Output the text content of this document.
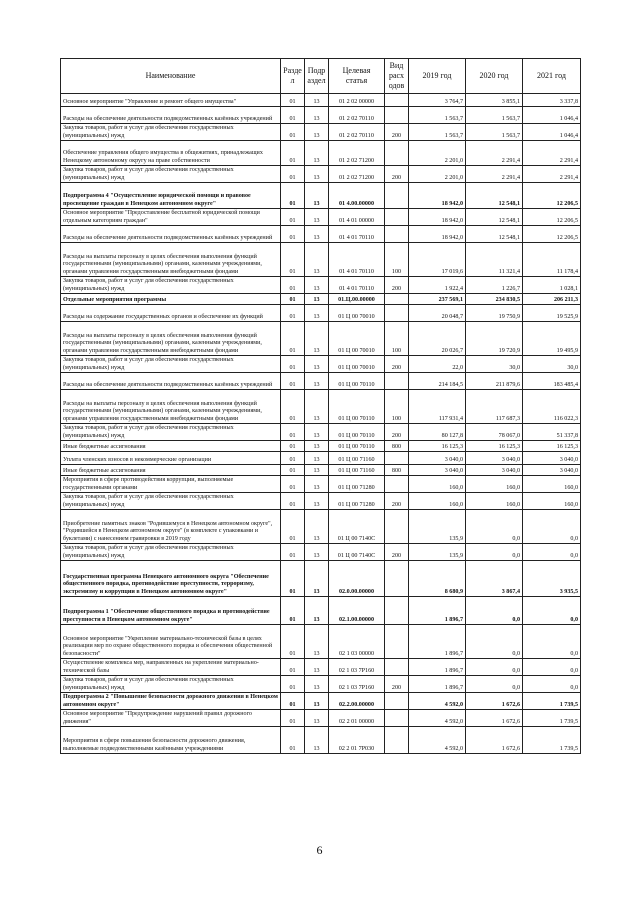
Наименование	Разде л	Подр аздел	Целевая статья	Вид расх одов	2019 год	2020 год	2021 год
Основное мероприятие "Управление и ремонт общего имущества"	01	13	01 2 02 00000		3 764,7	3 855,1	3 337,8
Расходы на обеспечение деятельности подведомственных казённых учреждений	01	13	01 2 02 70110		1 563,7	1 563,7	1 046,4
Закупка товаров, работ и услуг для обеспечения государственных (муниципальных) нужд	01	13	01 2 02 70110	200	1 563,7	1 563,7	1 046,4
Обеспечение управления общего имущества в общежитиях, принадлежащих Ненецкому автономному округу на праве собственности	01	13	01 2 02 71200		2 201,0	2 291,4	2 291,4
Закупка товаров, работ и услуг для обеспечения государственных (муниципальных) нужд	01	13	01 2 02 71200	200	2 201,0	2 291,4	2 291,4
Подпрограмма 4 "Осуществление юридической помощи и правовое просвещение граждан в Ненецком автономном округе"	01	13	01 4.00.00000		18 942,0	12 548,1	12 206,5
Основное мероприятие "Предоставление бесплатной юридической помощи отдельным категориям граждан"	01	13	01 4 01 00000		18 942,0	12 548,1	12 206,5
Расходы на обеспечение деятельности подведомственных казённых учреждений	01	13	01 4 01 70110		18 942,0	12 548,1	12 206,5
Расходы на выплаты персоналу в целях обеспечения выполнения функций государственными (муниципальными) органами, казенными учреждениями, органами управления государственными внебюджетными фондами	01	13	01 4 01 70110	100	17 019,6	11 321,4	11 178,4
Закупка товаров, работ и услуг для обеспечения государственных (муниципальных) нужд	01	13	01 4 01 70110	200	1 922,4	1 226,7	1 028,1
Отдельные мероприятия программы	01	13	01.Ц.00.00000		237 569,1	234 830,5	206 211,3
Расходы на содержание государственных органов и обеспечение их функций	01	13	01 Ц 00 70010		20 048,7	19 750,9	19 525,9
Расходы на выплаты персоналу в целях обеспечения выполнения функций государственными (муниципальными) органами, казенными учреждениями, органами управления государственными внебюджетными фондами	01	13	01 Ц 00 70010	100	20 026,7	19 720,9	19 495,9
Закупка товаров, работ и услуг для обеспечения государственных (муниципальных) нужд	01	13	01 Ц 00 70010	200	22,0	30,0	30,0
Расходы на обеспечение деятельности подведомственных казённых учреждений	01	13	01 Ц 00 70110		214 184,5	211 879,6	183 485,4
Расходы на выплаты персоналу в целях обеспечения выполнения функций государственными (муниципальными) органами, казенными учреждениями, органами управления государственными внебюджетными фондами	01	13	01 Ц 00 70110	100	117 931,4	117 687,3	116 022,3
Закупка товаров, работ и услуг для обеспечения государственных (муниципальных) нужд	01	13	01 Ц 00 70110	200	80 127,8	78 067,0	51 337,8
Иные бюджетные ассигнования	01	13	01 Ц 00 70110	800	16 125,3	16 125,3	16 125,3
Уплата членских взносов в некоммерческие организации	01	13	01 Ц 00 71160		3 040,0	3 040,0	3 040,0
Иные бюджетные ассигнования	01	13	01 Ц 00 71160	800	3 040,0	3 040,0	3 040,0
Мероприятия в сфере противодействия коррупции, выполняемые государственными органами	01	13	01 Ц 00 71280		160,0	160,0	160,0
Закупка товаров, работ и услуг для обеспечения государственных (муниципальных) нужд	01	13	01 Ц 00 71280	200	160,0	160,0	160,0
Приобретение памятных знаков "Родившемуся в Ненецком автономном округе", "Родившейся в Ненецком автономном округе" (в комплекте с упаковками и буклетами) с нанесением гравировки в 2019 году	01	13	01 Ц 00 7140С		135,9	0,0	0,0
Закупка товаров, работ и услуг для обеспечения государственных (муниципальных) нужд	01	13	01 Ц 00 7140С	200	135,9	0,0	0,0
Государственная программа Ненецкого автономного округа "Обеспечение общественного порядка, противодействие преступности, терроризму, экстремизму и коррупции в Ненецком автономном округе"	01	13	02.0.00.00000		8 680,9	3 867,4	3 935,5
Подпрограмма 1 "Обеспечение общественного порядка и противодействие преступности в Ненецком автономном округе"	01	13	02.1.00.00000		1 896,7	0,0	0,0
Основное мероприятие "Укрепление материально-технической базы в целях реализации мер по охране общественного порядка и обеспечения общественной безопасности"	01	13	02 1 03 00000		1 896,7	0,0	0,0
Осуществление комплекса мер, направленных на укрепление материально-технической базы	01	13	02 1 03 7Р160		1 896,7	0,0	0,0
Закупка товаров, работ и услуг для обеспечения государственных (муниципальных) нужд	01	13	02 1 03 7Р160	200	1 896,7	0,0	0,0
Подпрограмма 2 "Повышение безопасности дорожного движения в Ненецком автономном округе"	01	13	02.2.00.00000		4 592,0	1 672,6	1 739,5
Основное мероприятие "Предупреждение нарушений правил дорожного движения"	01	13	02 2 01 00000		4 592,0	1 672,6	1 739,5
Мероприятия в сфере повышения безопасности дорожного движения, выполняемые подведомственными казёнными учреждениями	01	13	02 2 01 7Р030		4 592,0	1 672,6	1 739,5
6
